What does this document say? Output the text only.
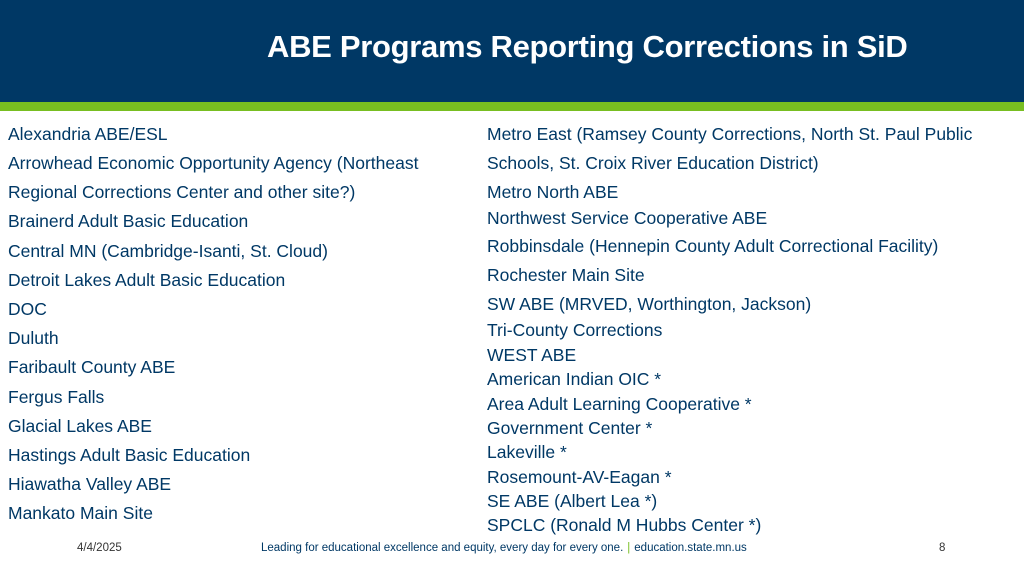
ABE Programs Reporting Corrections in SiD
Alexandria ABE/ESL
Arrowhead Economic Opportunity Agency (Northeast
Regional Corrections Center and other site?)
Brainerd Adult Basic Education
Central MN (Cambridge-Isanti, St. Cloud)
Detroit Lakes Adult Basic Education
DOC
Duluth
Faribault County ABE
Fergus Falls
Glacial Lakes ABE
Hastings Adult Basic Education
Hiawatha Valley ABE
Mankato Main Site
Metro East (Ramsey County Corrections, North St. Paul Public
Schools, St. Croix River Education District)
Metro North ABE
Northwest Service Cooperative ABE
Robbinsdale (Hennepin County Adult Correctional Facility)
Rochester Main Site
SW ABE (MRVED, Worthington, Jackson)
Tri-County Corrections
WEST ABE
American Indian OIC *
Area Adult Learning Cooperative *
Government Center *
Lakeville *
Rosemount-AV-Eagan *
SE ABE (Albert Lea *)
SPCLC (Ronald M Hubbs Center *)
4/4/2025	Leading for educational excellence and equity, every day for every one. | education.state.mn.us	8
